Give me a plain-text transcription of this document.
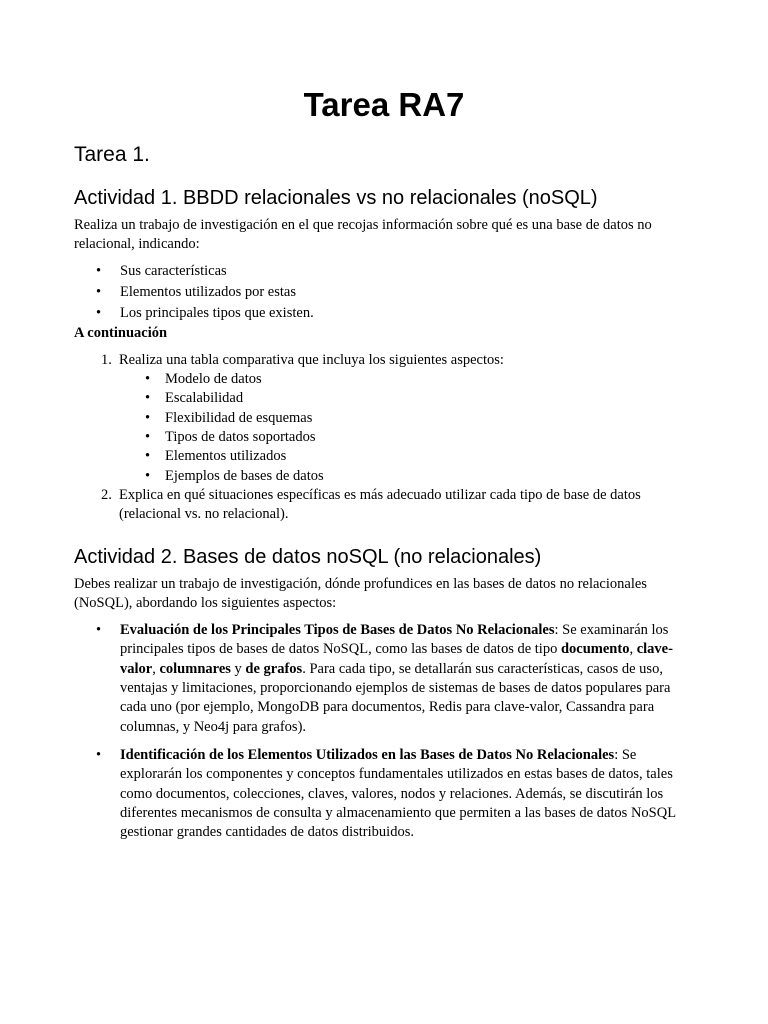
Tarea RA7
Tarea 1.
Actividad 1. BBDD relacionales vs no relacionales (noSQL)

Realiza un trabajo de investigación en el que recojas información sobre qué es una base de datos no relacional, indicando:

• Sus características
• Elementos utilizados por estas
• Los principales tipos que existen.

A continuación

1. Realiza una tabla comparativa que incluya los siguientes aspectos:
• Modelo de datos
• Escalabilidad
• Flexibilidad de esquemas
• Tipos de datos soportados
• Elementos utilizados
• Ejemplos de bases de datos
2. Explica en qué situaciones específicas es más adecuado utilizar cada tipo de base de datos (relacional vs. no relacional).
Actividad 2. Bases de datos noSQL (no relacionales)

Debes realizar un trabajo de investigación, dónde profundices en las bases de datos no relacionales (NoSQL), abordando los siguientes aspectos:

• Evaluación de los Principales Tipos de Bases de Datos No Relacionales: Se examinarán los principales tipos de bases de datos NoSQL, como las bases de datos de tipo documento, clave-valor, columnares y de grafos. Para cada tipo, se detallarán sus características, casos de uso, ventajas y limitaciones, proporcionando ejemplos de sistemas de bases de datos populares para cada uno (por ejemplo, MongoDB para documentos, Redis para clave-valor, Cassandra para columnas, y Neo4j para grafos).
• Identificación de los Elementos Utilizados en las Bases de Datos No Relacionales: Se explorarán los componentes y conceptos fundamentales utilizados en estas bases de datos, tales como documentos, colecciones, claves, valores, nodos y relaciones. Además, se discutirán los diferentes mecanismos de consulta y almacenamiento que permiten a las bases de datos NoSQL gestionar grandes cantidades de datos distribuidos.
